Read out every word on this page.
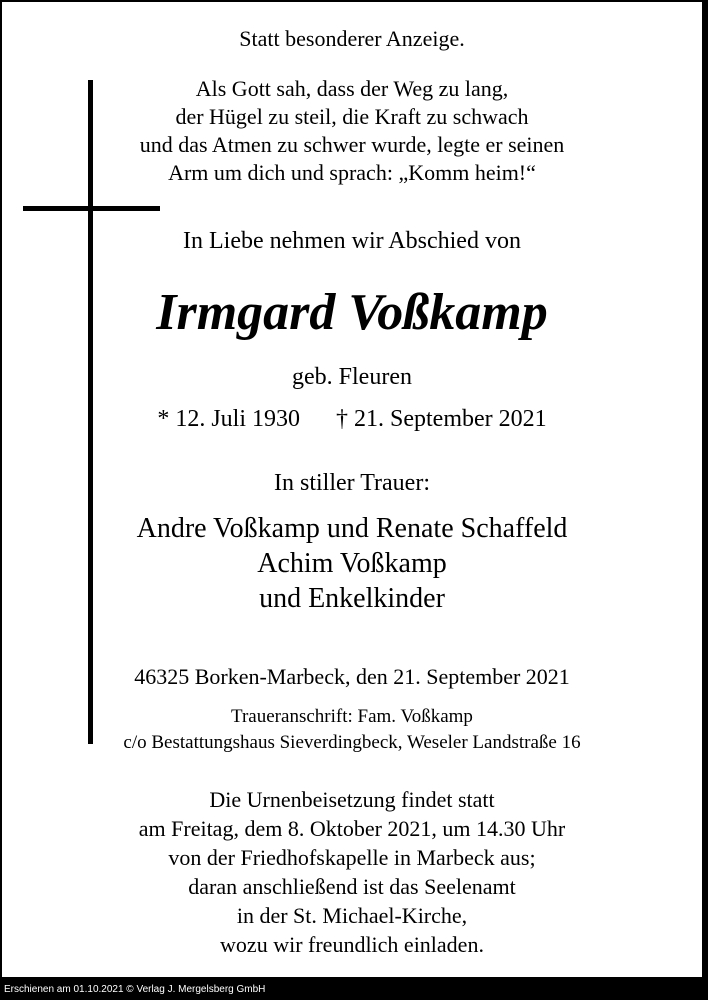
Statt besonderer Anzeige.

Als Gott sah, dass der Weg zu lang,

der Hügel zu steil, die Kraft zu schwach

und das Atmen zu schwer wurde, legte er seinen

Arm um dich und sprach: „Komm heim!“

In Liebe nehmen wir Abschied von

Irmgard Voßkamp

geb. Fleuren

* 12. Juli 1930 † 21. September 2021

In stiller Trauer:

Andre Voßkamp und Renate Schaffeld

Achim Voßkamp

und Enkelkinder

46325 Borken-Marbeck, den 21. September 2021

Traueranschrift: Fam. Voßkamp

c/o Bestattungshaus Sieverdingbeck, Weseler Landstraße 16

Die Urnenbeisetzung findet statt

am Freitag, dem 8. Oktober 2021, um 14.30 Uhr

von der Friedhofskapelle in Marbeck aus;

daran anschließend ist das Seelenamt

in der St. Michael-Kirche,

wozu wir freundlich einladen.

Erschienen am 01.10.2021 © Verlag J. Mergelsberg GmbH
